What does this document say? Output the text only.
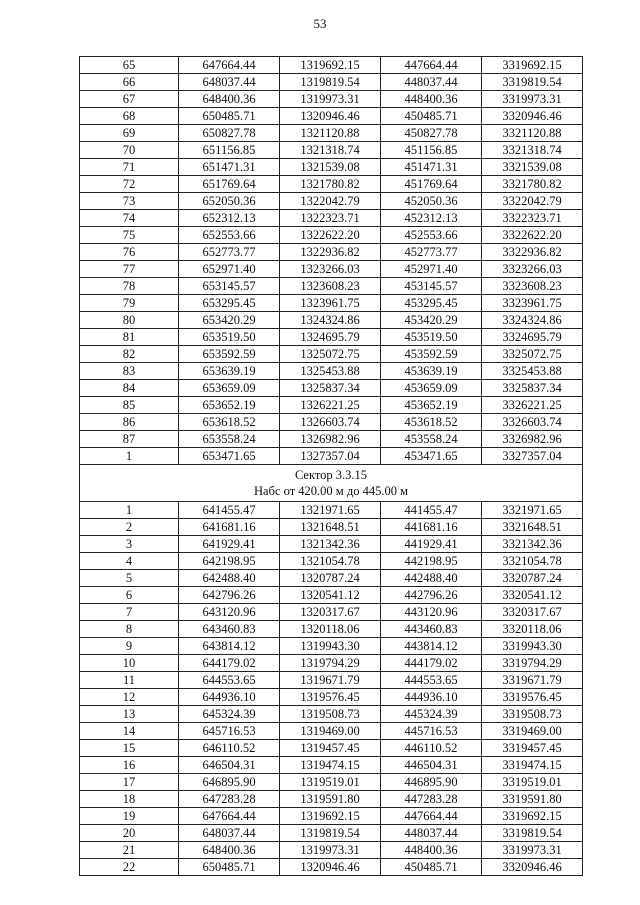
53
65	647664.44	1319692.15	447664.44	3319692.15
66	648037.44	1319819.54	448037.44	3319819.54
67	648400.36	1319973.31	448400.36	3319973.31
68	650485.71	1320946.46	450485.71	3320946.46
69	650827.78	1321120.88	450827.78	3321120.88
70	651156.85	1321318.74	451156.85	3321318.74
71	651471.31	1321539.08	451471.31	3321539.08
72	651769.64	1321780.82	451769.64	3321780.82
73	652050.36	1322042.79	452050.36	3322042.79
74	652312.13	1322323.71	452312.13	3322323.71
75	652553.66	1322622.20	452553.66	3322622.20
76	652773.77	1322936.82	452773.77	3322936.82
77	652971.40	1323266.03	452971.40	3323266.03
78	653145.57	1323608.23	453145.57	3323608.23
79	653295.45	1323961.75	453295.45	3323961.75
80	653420.29	1324324.86	453420.29	3324324.86
81	653519.50	1324695.79	453519.50	3324695.79
82	653592.59	1325072.75	453592.59	3325072.75
83	653639.19	1325453.88	453639.19	3325453.88
84	653659.09	1325837.34	453659.09	3325837.34
85	653652.19	1326221.25	453652.19	3326221.25
86	653618.52	1326603.74	453618.52	3326603.74
87	653558.24	1326982.96	453558.24	3326982.96
1	653471.65	1327357.04	453471.65	3327357.04

Сектор 3.3.15
Набс от 420.00 м до 445.00 м				

1	641455.47	1321971.65	441455.47	3321971.65
2	641681.16	1321648.51	441681.16	3321648.51
3	641929.41	1321342.36	441929.41	3321342.36
4	642198.95	1321054.78	442198.95	3321054.78
5	642488.40	1320787.24	442488.40	3320787.24
6	642796.26	1320541.12	442796.26	3320541.12
7	643120.96	1320317.67	443120.96	3320317.67
8	643460.83	1320118.06	443460.83	3320118.06
9	643814.12	1319943.30	443814.12	3319943.30
10	644179.02	1319794.29	444179.02	3319794.29
11	644553.65	1319671.79	444553.65	3319671.79
12	644936.10	1319576.45	444936.10	3319576.45
13	645324.39	1319508.73	445324.39	3319508.73
14	645716.53	1319469.00	445716.53	3319469.00
15	646110.52	1319457.45	446110.52	3319457.45
16	646504.31	1319474.15	446504.31	3319474.15
17	646895.90	1319519.01	446895.90	3319519.01
18	647283.28	1319591.80	447283.28	3319591.80
19	647664.44	1319692.15	447664.44	3319692.15
20	648037.44	1319819.54	448037.44	3319819.54
21	648400.36	1319973.31	448400.36	3319973.31
22	650485.71	1320946.46	450485.71	3320946.46
